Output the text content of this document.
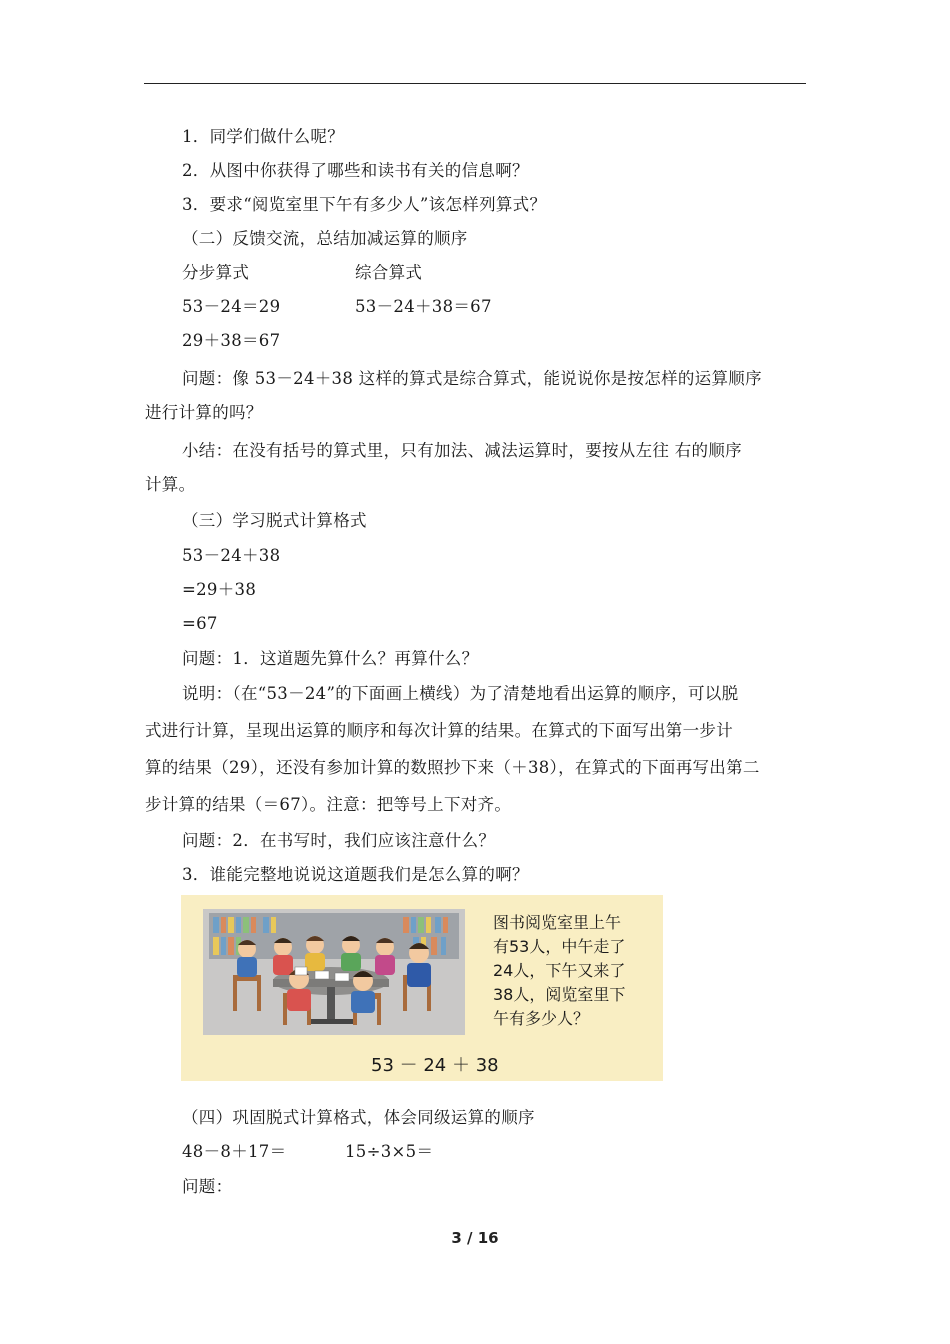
1．同学们做什么呢？
2．从图中你获得了哪些和读书有关的信息啊？
3．要求“阅览室里下午有多少人”该怎样列算式？
（二）反馈交流，总结加减运算的顺序
分步算式	综合算式
53－24＝29	53－24＋38＝67
29＋38＝67
问题：像 53－24＋38 这样的算式是综合算式，能说说你是按怎样的运算顺序
进行计算的吗？
小结：在没有括号的算式里，只有加法、减法运算时，要按从左往 右的顺序
计算。
（三）学习脱式计算格式
53－24＋38
=29＋38
=67
问题：1．这道题先算什么？再算什么？
说明：（在“53－24”的下面画上横线）为了清楚地看出运算的顺序，可以脱
式进行计算，呈现出运算的顺序和每次计算的结果。在算式的下面写出第一步计
算的结果（29），还没有参加计算的数照抄下来（＋38），在算式的下面再写出第二
步计算的结果（＝67）。注意：把等号上下对齐。
问题：2．在书写时，我们应该注意什么？
3．谁能完整地说说这道题我们是怎么算的啊？
图书阅览室里上午
有53人，中午走了
24人，下午又来了
38人，阅览室里下
午有多少人？
53 － 24 ＋ 38
（四）巩固脱式计算格式，体会同级运算的顺序
48－8＋17＝	15÷3×5＝
问题：
3 / 16
